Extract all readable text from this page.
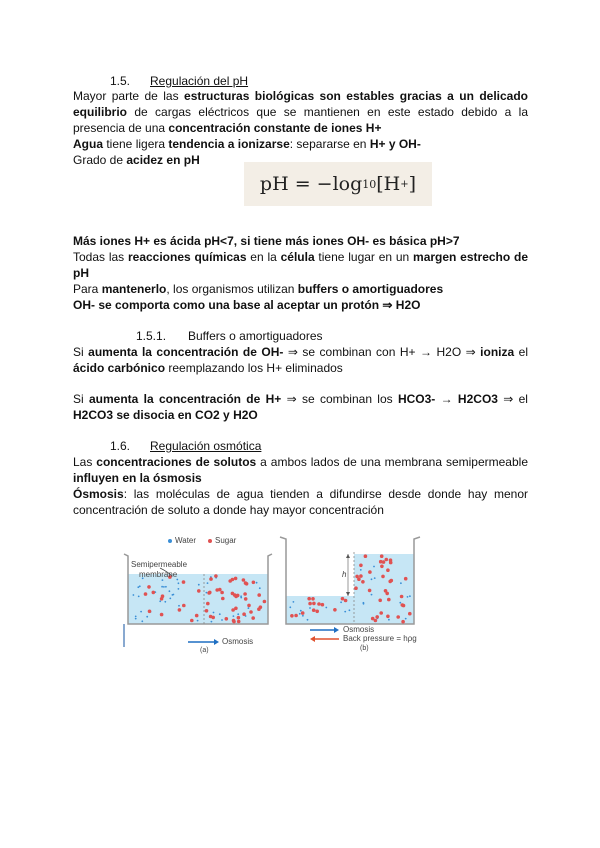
1.5. Regulación del pH
Mayor parte de las estructuras biológicas son estables gracias a un delicado
equilibrio de cargas eléctricos que se mantienen en este estado debido a la
presencia de una concentración constante de iones H+
Agua tiene ligera tendencia a ionizarse: separarse en H+ y OH-
Grado de acidez en pH
pH = −log 10 [H + ]
Más iones H+ es ácida pH<7, si tiene más iones OH- es básica pH>7
Todas las reacciones químicas en la célula tiene lugar en un margen estrecho de
pH
Para mantenerlo, los organismos utilizan buffers o amortiguadores
OH- se comporta como una base al aceptar un protón ⇒ H2O
1.5.1. Buffers o amortiguadores
Si aumenta la concentración de OH- ⇒ se combinan con H+ → H2O ⇒ ioniza el
ácido carbónico reemplazando los H+ eliminados
Si aumenta la concentración de H+ ⇒ se combinan los HCO3- → H2CO3 ⇒ el
H2CO3 se disocia en CO2 y H2O
1.6. Regulación osmótica
Las concentraciones de solutos a ambos lados de una membrana semipermeable
influyen en la ósmosis
Ósmosis: las moléculas de agua tienden a difundirse desde donde hay menor
concentración de soluto a donde hay mayor concentración
Water	Sugar
Semipermeable
membrane
Osmosis
(a)
h
Osmosis
Back pressure = hρg
(b)
